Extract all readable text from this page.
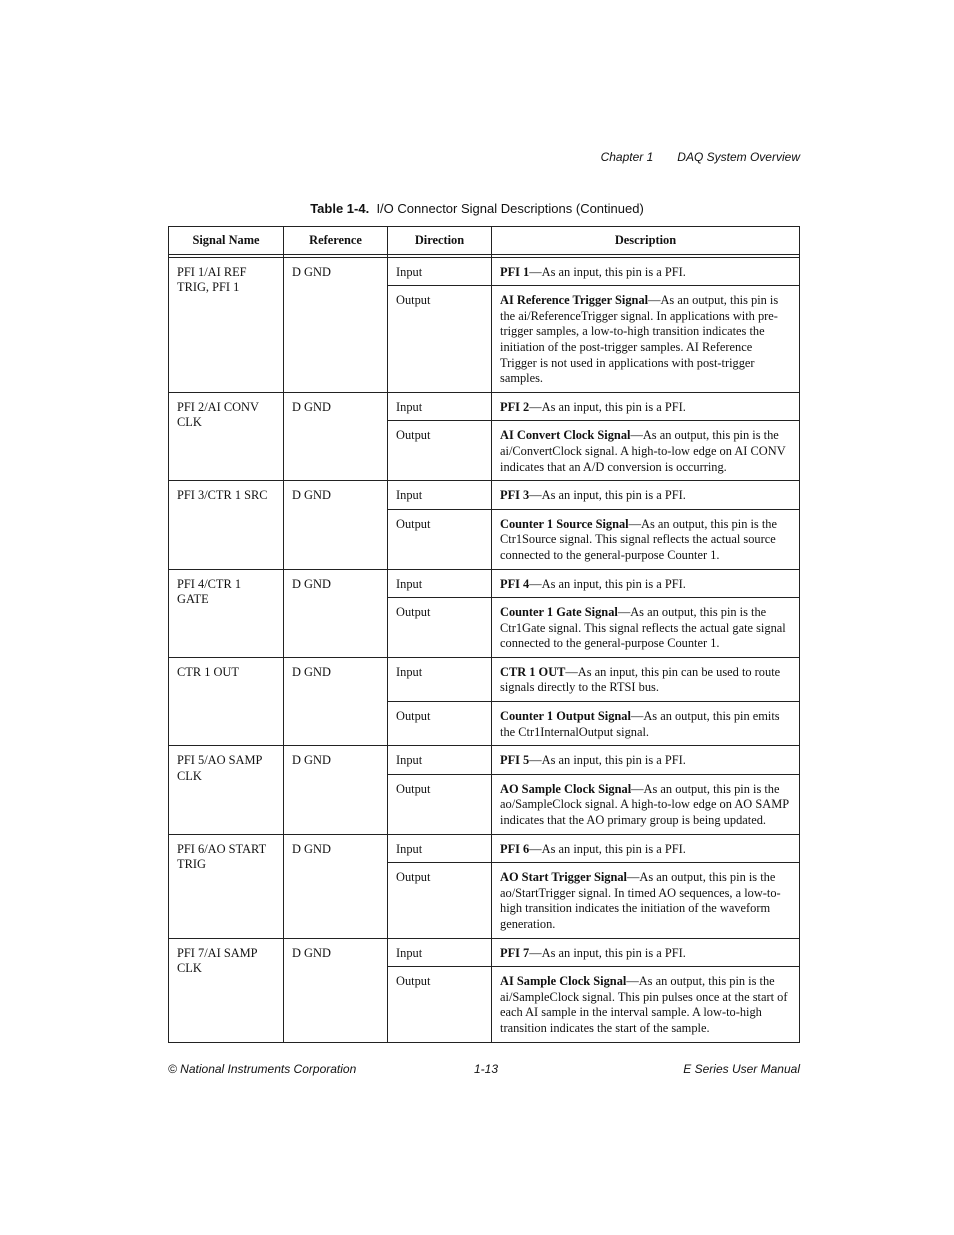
Chapter 1 DAQ System Overview
Table 1-4. I/O Connector Signal Descriptions (Continued)
Signal Name	Reference	Direction	Description

PFI 1/AI REF TRIG, PFI 1	D GND	Input	PFI 1—As an input, this pin is a PFI.
		Output	AI Reference Trigger Signal—As an output, this pin is the ai/ReferenceTrigger signal. In applications with pre-trigger samples, a low-to-high transition indicates the initiation of the post-trigger samples. AI Reference Trigger is not used in applications with post-trigger samples.
PFI 2/AI CONV CLK	D GND	Input	PFI 2—As an input, this pin is a PFI.
		Output	AI Convert Clock Signal—As an output, this pin is the ai/ConvertClock signal. A high-to-low edge on AI CONV indicates that an A/D conversion is occurring.
PFI 3/CTR 1 SRC	D GND	Input	PFI 3—As an input, this pin is a PFI.
		Output	Counter 1 Source Signal—As an output, this pin is the Ctr1Source signal. This signal reflects the actual source connected to the general-purpose Counter 1.
PFI 4/CTR 1 GATE	D GND	Input	PFI 4—As an input, this pin is a PFI.
		Output	Counter 1 Gate Signal—As an output, this pin is the Ctr1Gate signal. This signal reflects the actual gate signal connected to the general-purpose Counter 1.
CTR 1 OUT	D GND	Input	CTR 1 OUT—As an input, this pin can be used to route signals directly to the RTSI bus.
		Output	Counter 1 Output Signal—As an output, this pin emits the Ctr1InternalOutput signal.
PFI 5/AO SAMP CLK	D GND	Input	PFI 5—As an input, this pin is a PFI.
		Output	AO Sample Clock Signal—As an output, this pin is the ao/SampleClock signal. A high-to-low edge on AO SAMP indicates that the AO primary group is being updated.
PFI 6/AO START TRIG	D GND	Input	PFI 6—As an input, this pin is a PFI.
		Output	AO Start Trigger Signal—As an output, this pin is the ao/StartTrigger signal. In timed AO sequences, a low-to-high transition indicates the initiation of the waveform generation.
PFI 7/AI SAMP CLK	D GND	Input	PFI 7—As an input, this pin is a PFI.
		Output	AI Sample Clock Signal—As an output, this pin is the ai/SampleClock signal. This pin pulses once at the start of each AI sample in the interval sample. A low-to-high transition indicates the start of the sample.
© National Instruments Corporation	1-13	E Series User Manual
